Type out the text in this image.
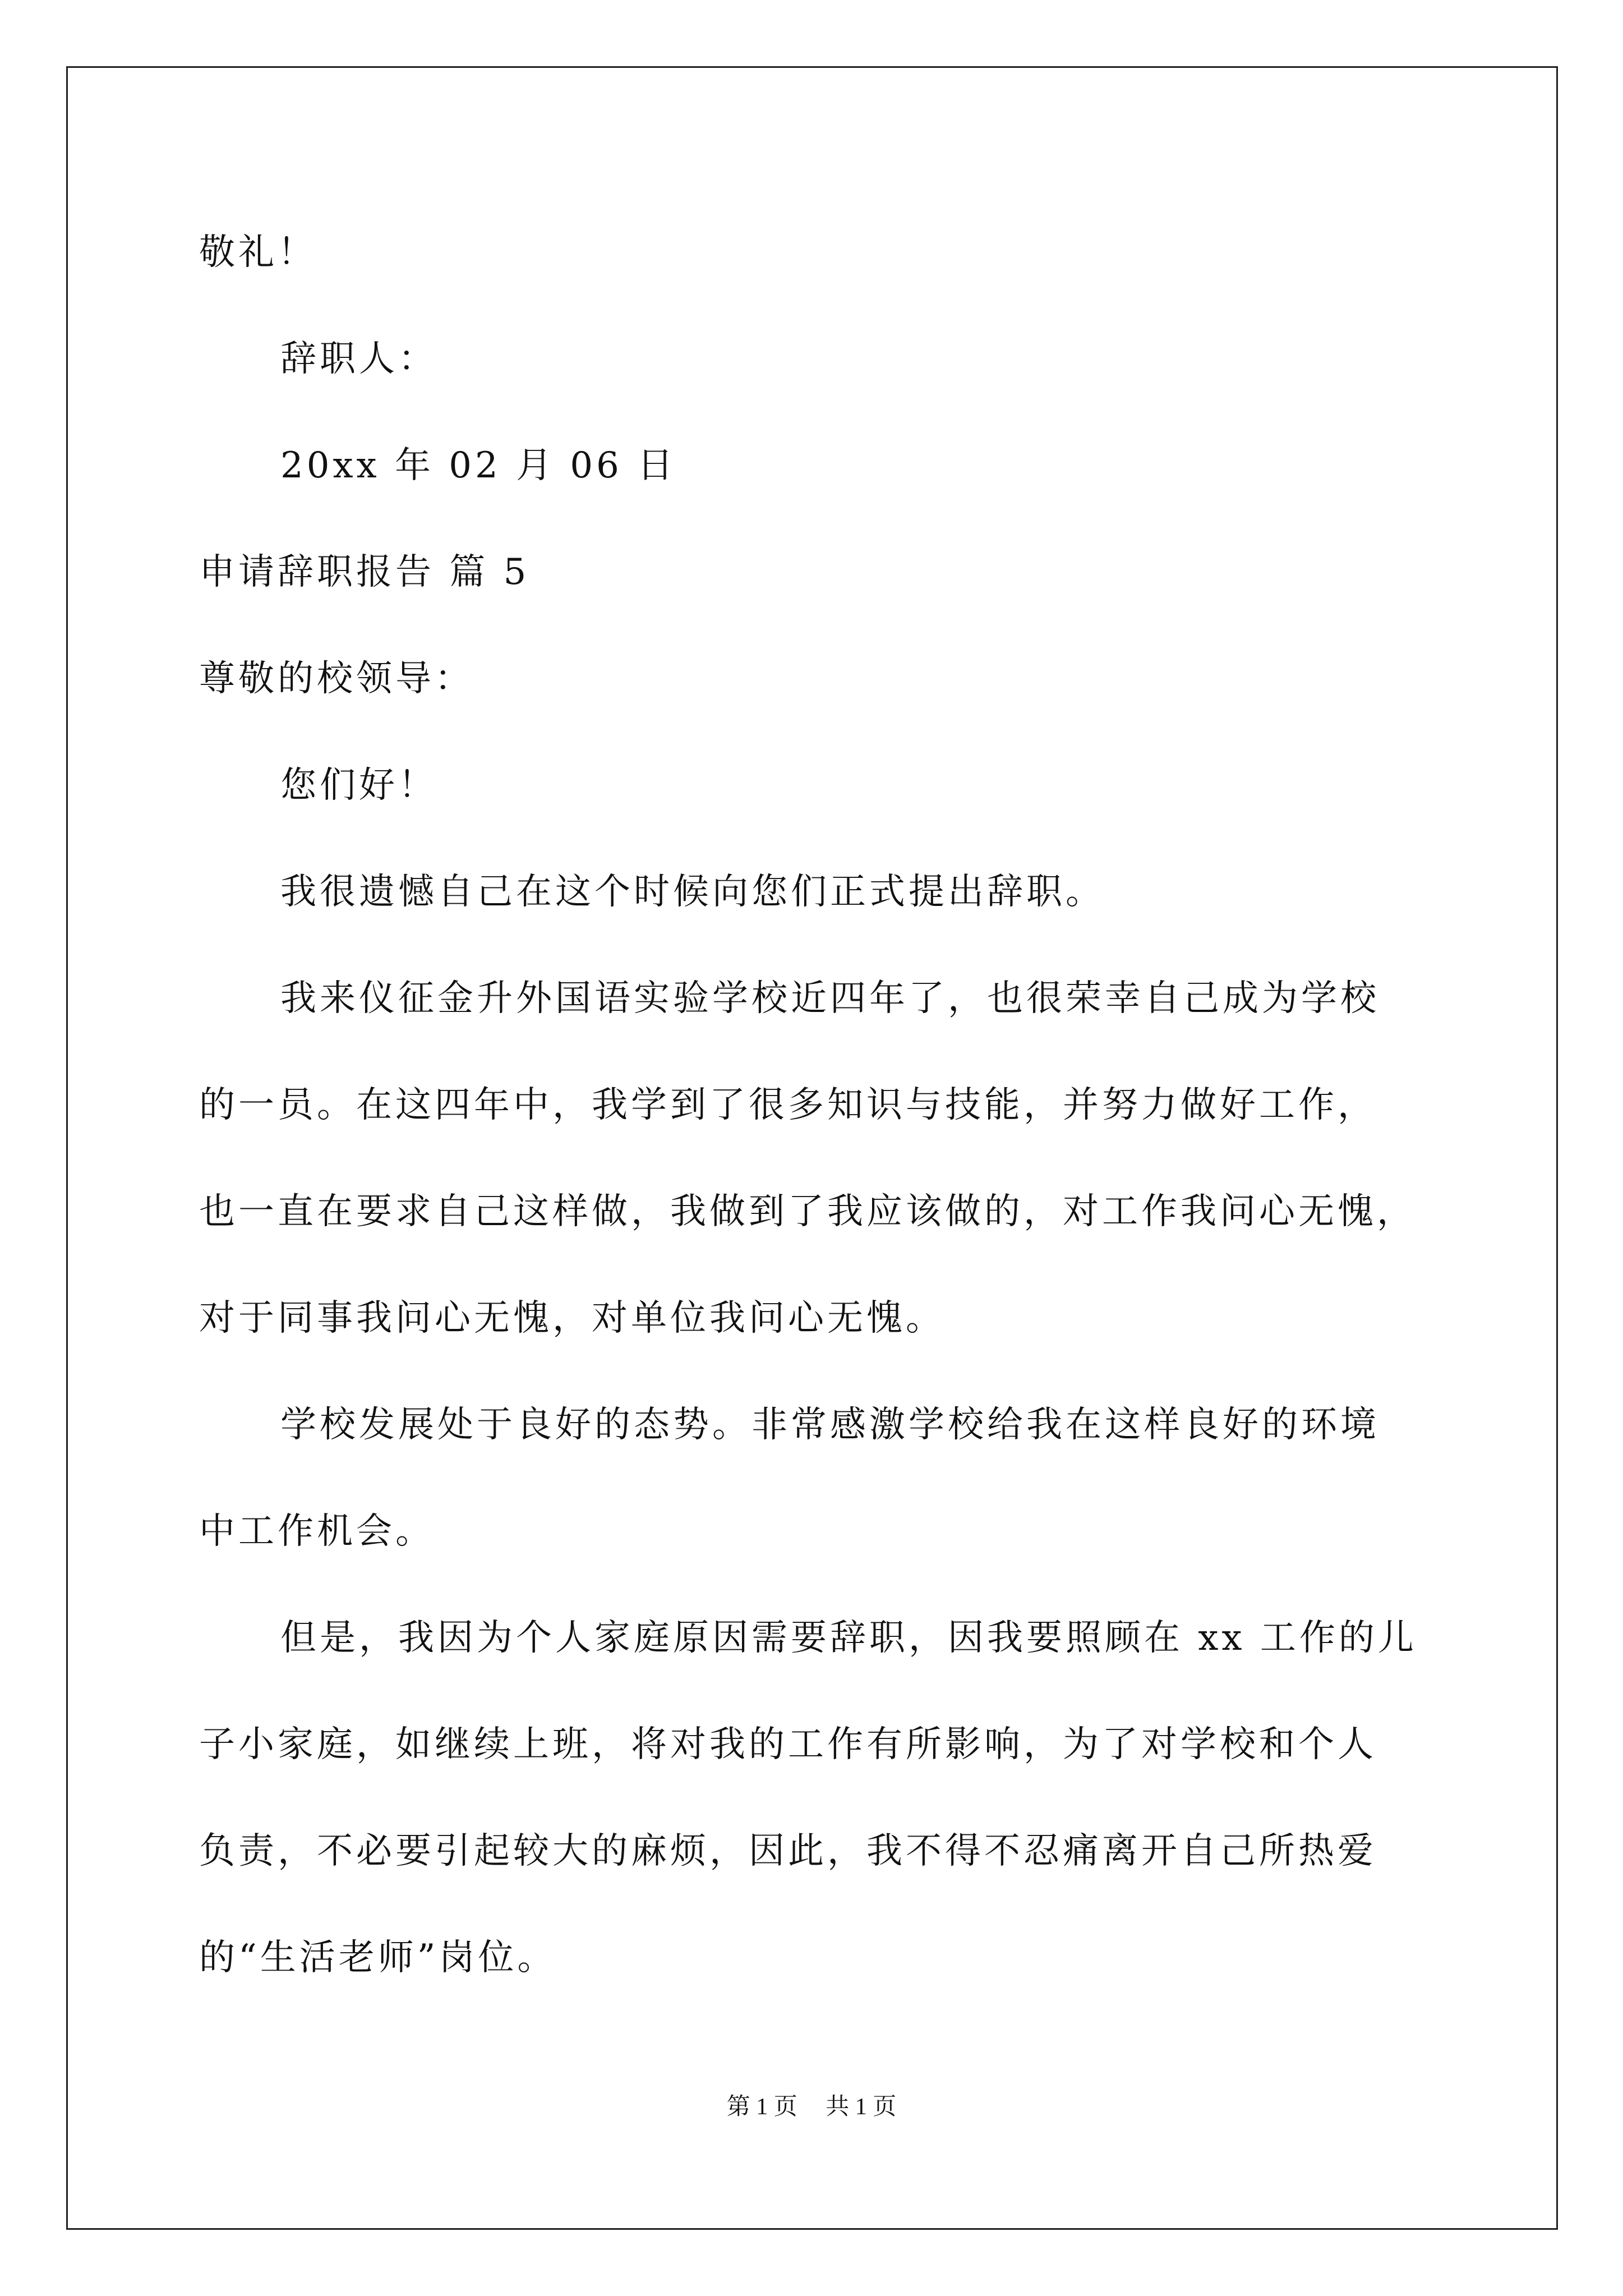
敬礼！
辞职人：
20xx 年 02 月 06 日
申请辞职报告 篇 5
尊敬的校领导：
您们好！
我很遗憾自己在这个时候向您们正式提出辞职。
我来仪征金升外国语实验学校近四年了，也很荣幸自己成为学校
的一员。在这四年中，我学到了很多知识与技能，并努力做好工作，
也一直在要求自己这样做，我做到了我应该做的，对工作我问心无愧，
对于同事我问心无愧，对单位我问心无愧。
学校发展处于良好的态势。非常感激学校给我在这样良好的环境
中工作机会。
但是，我因为个人家庭原因需要辞职，因我要照顾在 xx 工作的儿
子小家庭，如继续上班，将对我的工作有所影响，为了对学校和个人
负责，不必要引起较大的麻烦，因此，我不得不忍痛离开自己所热爱
的“生活老师”岗位。
第 1 页 共 1 页
